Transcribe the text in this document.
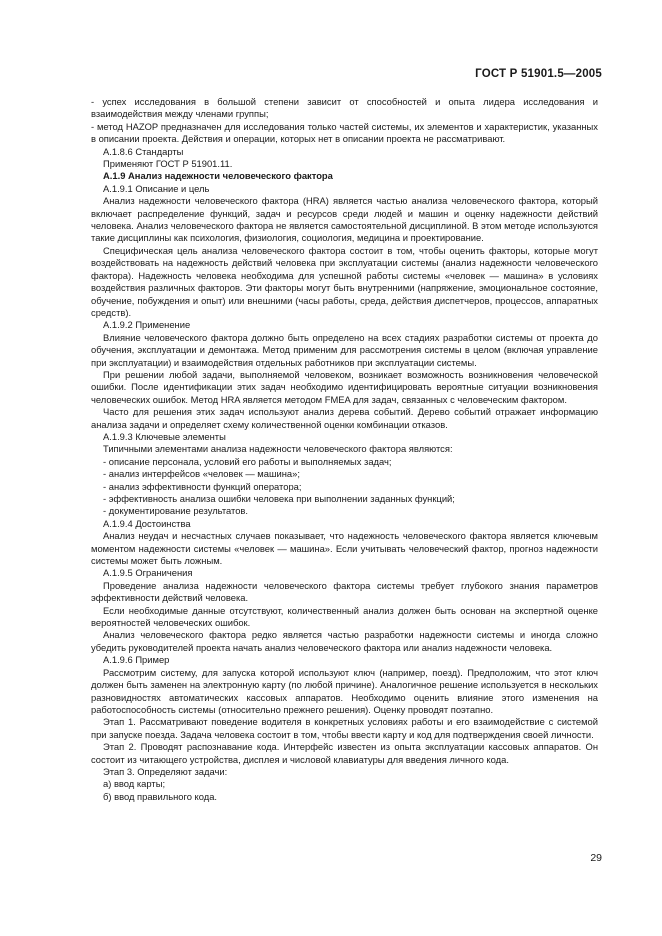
ГОСТ Р 51901.5—2005

- успех исследования в большой степени зависит от способностей и опыта лидера исследования и взаимодействия между членами группы;

- метод HAZOP предназначен для исследования только частей системы, их элементов и характеристик, указанных в описании проекта. Действия и операции, которых нет в описании проекта не рассматривают.

А.1.8.6 Стандарты

Применяют ГОСТ Р 51901.11.

А.1.9 Анализ надежности человеческого фактора

А.1.9.1 Описание и цель

Анализ надежности человеческого фактора (HRA) является частью анализа человеческого фактора, который включает распределение функций, задач и ресурсов среди людей и машин и оценку надежности действий человека. Анализ человеческого фактора не является самостоятельной дисциплиной. В этом методе используются такие дисциплины как психология, физиология, социология, медицина и проектирование.

Специфическая цель анализа человеческого фактора состоит в том, чтобы оценить факторы, которые могут воздействовать на надежность действий человека при эксплуатации системы (анализ надежности человеческого фактора). Надежность человека необходима для успешной работы системы «человек — машина» в условиях воздействия различных факторов. Эти факторы могут быть внутренними (напряжение, эмоциональное состояние, обучение, побуждения и опыт) или внешними (часы работы, среда, действия диспетчеров, процессов, аппаратных средств).

А.1.9.2 Применение

Влияние человеческого фактора должно быть определено на всех стадиях разработки системы от проекта до обучения, эксплуатации и демонтажа. Метод применим для рассмотрения системы в целом (включая управление при эксплуатации) и взаимодействия отдельных работников при эксплуатации системы.

При решении любой задачи, выполняемой человеком, возникает возможность возникновения человеческой ошибки. После идентификации этих задач необходимо идентифицировать вероятные ситуации возникновения человеческих ошибок. Метод HRA является методом FMEA для задач, связанных с человеческим фактором.

Часто для решения этих задач используют анализ дерева событий. Дерево событий отражает информацию анализа задачи и определяет схему количественной оценки комбинации отказов.

А.1.9.3 Ключевые элементы

Типичными элементами анализа надежности человеческого фактора являются:

- описание персонала, условий его работы и выполняемых задач;

- анализ интерфейсов «человек — машина»;

- анализ эффективности функций оператора;

- эффективность анализа ошибки человека при выполнении заданных функций;

- документирование результатов.

А.1.9.4 Достоинства

Анализ неудач и несчастных случаев показывает, что надежность человеческого фактора является ключевым моментом надежности системы «человек — машина». Если учитывать человеческий фактор, прогноз надежности системы может быть ложным.

А.1.9.5 Ограничения

Проведение анализа надежности человеческого фактора системы требует глубокого знания параметров эффективности действий человека.

Если необходимые данные отсутствуют, количественный анализ должен быть основан на экспертной оценке вероятностей человеческих ошибок.

Анализ человеческого фактора редко является частью разработки надежности системы и иногда сложно убедить руководителей проекта начать анализ человеческого фактора или анализ надежности человека.

А.1.9.6 Пример

Рассмотрим систему, для запуска которой используют ключ (например, поезд). Предположим, что этот ключ должен быть заменен на электронную карту (по любой причине). Аналогичное решение используется в нескольких разновидностях автоматических кассовых аппаратов. Необходимо оценить влияние этого изменения на работоспособность системы (относительно прежнего решения). Оценку проводят поэтапно.

Этап 1. Рассматривают поведение водителя в конкретных условиях работы и его взаимодействие с системой при запуске поезда. Задача человека состоит в том, чтобы ввести карту и код для подтверждения своей личности.

Этап 2. Проводят распознавание кода. Интерфейс известен из опыта эксплуатации кассовых аппаратов. Он состоит из читающего устройства, дисплея и числовой клавиатуры для введения личного кода.

Этап 3. Определяют задачи:

а) ввод карты;

б) ввод правильного кода.

29
